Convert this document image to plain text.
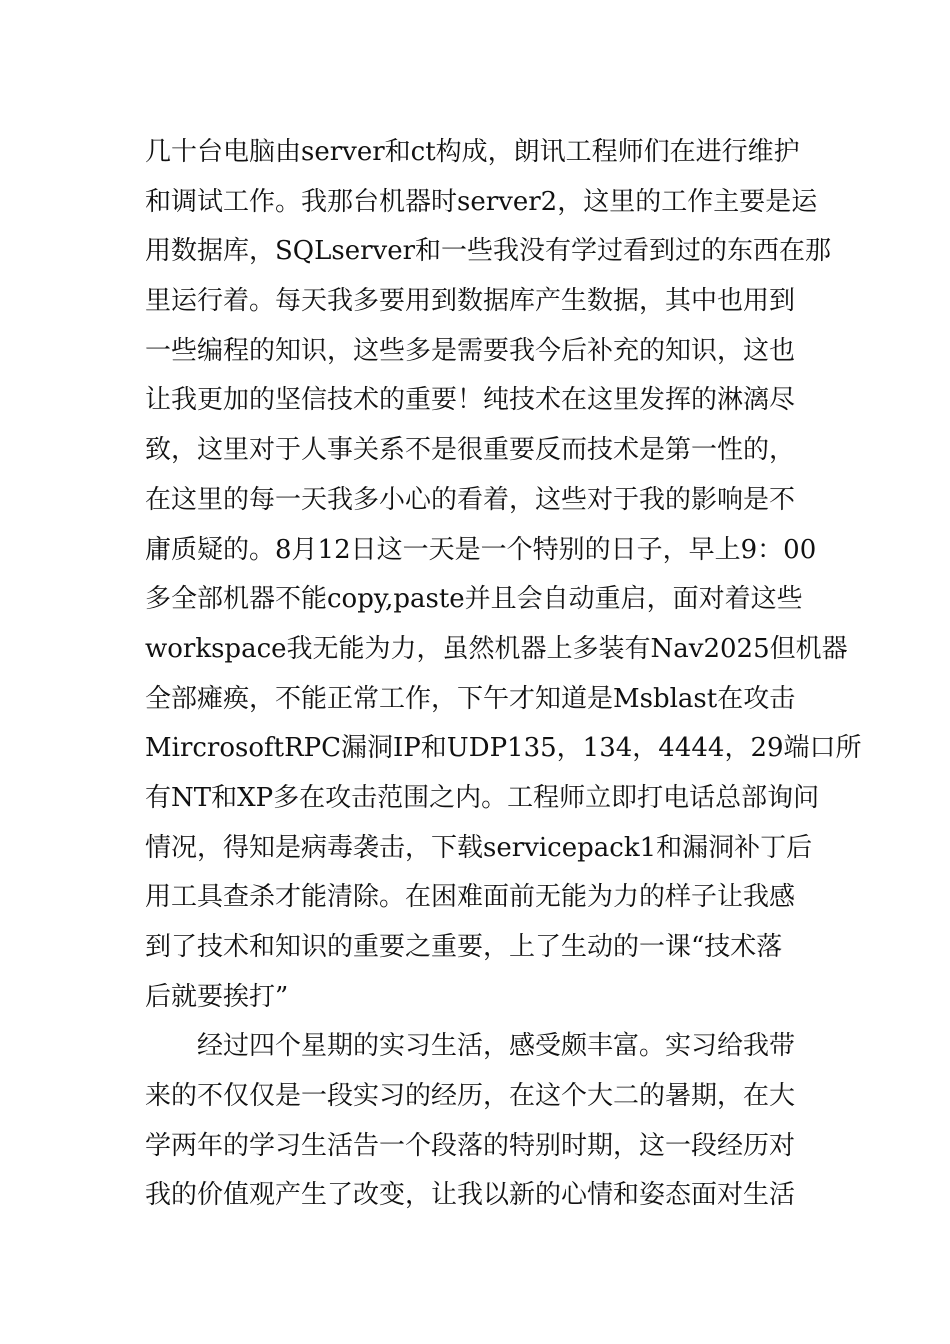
几十台电脑由server和ct构成，朗讯工程师们在进行维护
和调试工作。我那台机器时server2，这里的工作主要是运
用数据库，SQLserver和一些我没有学过看到过的东西在那
里运行着。每天我多要用到数据库产生数据，其中也用到
一些编程的知识，这些多是需要我今后补充的知识，这也
让我更加的坚信技术的重要！纯技术在这里发挥的淋漓尽
致，这里对于人事关系不是很重要反而技术是第一性的，
在这里的每一天我多小心的看着，这些对于我的影响是不
庸质疑的。8月12日这一天是一个特别的日子，早上9：00
多全部机器不能copy,paste并且会自动重启，面对着这些
workspace我无能为力，虽然机器上多装有Nav2025但机器
全部瘫痪，不能正常工作，下午才知道是Msblast在攻击
MircrosoftRPC漏洞IP和UDP135，134，4444，29端口所
有NT和XP多在攻击范围之内。工程师立即打电话总部询问
情况，得知是病毒袭击，下载servicepack1和漏洞补丁后
用工具查杀才能清除。在困难面前无能为力的样子让我感
到了技术和知识的重要之重要，上了生动的一课“技术落
后就要挨打”
　　经过四个星期的实习生活，感受颇丰富。实习给我带
来的不仅仅是一段实习的经历，在这个大二的暑期，在大
学两年的学习生活告一个段落的特别时期，这一段经历对
我的价值观产生了改变，让我以新的心情和姿态面对生活
